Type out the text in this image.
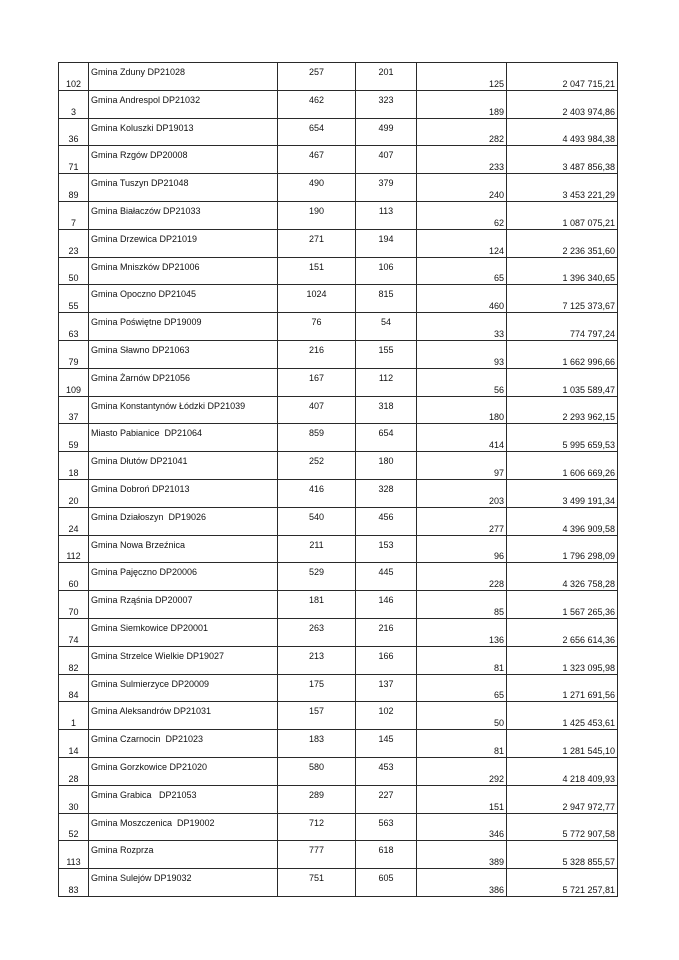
102	Gmina Zduny DP21028	257	201	125	2 047 715,21

3	Gmina Andrespol DP21032	462	323	189	2 403 974,86

36	Gmina Koluszki DP19013	654	499	282	4 493 984,38

71	Gmina Rzgów DP20008	467	407	233	3 487 856,38

89	Gmina Tuszyn DP21048	490	379	240	3 453 221,29

7	Gmina Białaczów DP21033	190	113	62	1 087 075,21

23	Gmina Drzewica DP21019	271	194	124	2 236 351,60

50	Gmina Mniszków DP21006	151	106	65	1 396 340,65

55	Gmina Opoczno DP21045	1024	815	460	7 125 373,67

63	Gmina Poświętne DP19009	76	54	33	774 797,24

79	Gmina Sławno DP21063	216	155	93	1 662 996,66

109	Gmina Żarnów DP21056	167	112	56	1 035 589,47

37	Gmina Konstantynów Łódzki DP21039	407	318	180	2 293 962,15

59	Miasto Pabianice  DP21064	859	654	414	5 995 659,53

18	Gmina Dłutów DP21041	252	180	97	1 606 669,26

20	Gmina Dobroń DP21013	416	328	203	3 499 191,34

24	Gmina Działoszyn  DP19026	540	456	277	4 396 909,58

112	Gmina Nowa Brzeźnica	211	153	96	1 796 298,09

60	Gmina Pajęczno DP20006	529	445	228	4 326 758,28

70	Gmina Rząśnia DP20007	181	146	85	1 567 265,36

74	Gmina Siemkowice DP20001	263	216	136	2 656 614,36

82	Gmina Strzelce Wielkie DP19027	213	166	81	1 323 095,98

84	Gmina Sulmierzyce DP20009	175	137	65	1 271 691,56

1	Gmina Aleksandrów DP21031	157	102	50	1 425 453,61

14	Gmina Czarnocin  DP21023	183	145	81	1 281 545,10

28	Gmina Gorzkowice DP21020	580	453	292	4 218 409,93

30	Gmina Grabica   DP21053	289	227	151	2 947 972,77

52	Gmina Moszczenica  DP19002	712	563	346	5 772 907,58

113	Gmina Rozprza	777	618	389	5 328 855,57

83	Gmina Sulejów DP19032	751	605	386	5 721 257,81
